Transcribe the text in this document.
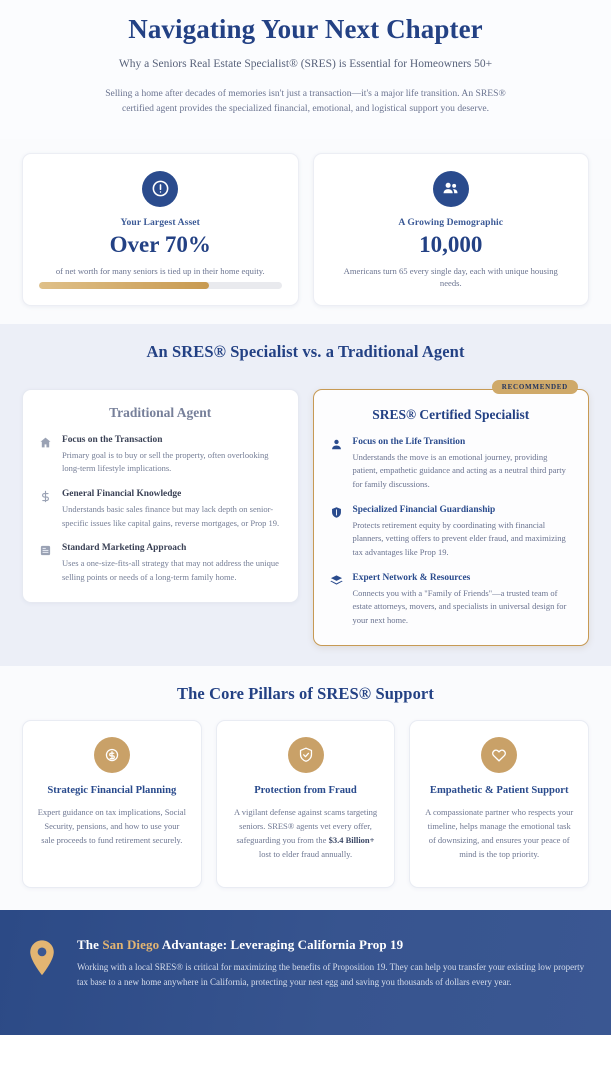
Navigating Your Next Chapter

Why a Seniors Real Estate Specialist® (SRES) is Essential for Homeowners 50+

Selling a home after decades of memories isn't just a transaction—it's a major life transition. An SRES® certified agent provides the specialized financial, emotional, and logistical support you deserve.

Your Largest Asset
Over 70%
of net worth for many seniors is tied up in their home equity.
A Growing Demographic
10,000
Americans turn 65 every single day, each with unique housing needs.
An SRES® Specialist vs. a Traditional Agent
Traditional Agent
Focus on the Transaction
Primary goal is to buy or sell the property, often overlooking long-term lifestyle implications.
General Financial Knowledge
Understands basic sales finance but may lack depth on senior-specific issues like capital gains, reverse mortgages, or Prop 19.
Standard Marketing Approach
Uses a one-size-fits-all strategy that may not address the unique selling points or needs of a long-term family home.
RECOMMENDED
SRES® Certified Specialist
Focus on the Life Transition
Understands the move is an emotional journey, providing patient, empathetic guidance and acting as a neutral third party for family discussions.
Specialized Financial Guardianship
Protects retirement equity by coordinating with financial planners, vetting offers to prevent elder fraud, and maximizing tax advantages like Prop 19.
Expert Network & Resources
Connects you with a "Family of Friends"—a trusted team of estate attorneys, movers, and specialists in universal design for your next home.
The Core Pillars of SRES® Support
Strategic Financial Planning
Expert guidance on tax implications, Social Security, pensions, and how to use your sale proceeds to fund retirement securely.
Protection from Fraud
A vigilant defense against scams targeting seniors. SRES® agents vet every offer, safeguarding you from the $3.4 Billion+ lost to elder fraud annually.
Empathetic & Patient Support
A compassionate partner who respects your timeline, helps manage the emotional task of downsizing, and ensures your peace of mind is the top priority.
The San Diego Advantage: Leveraging California Prop 19
Working with a local SRES® is critical for maximizing the benefits of Proposition 19. They can help you transfer your existing low property tax base to a new home anywhere in California, protecting your nest egg and saving you thousands of dollars every year.
